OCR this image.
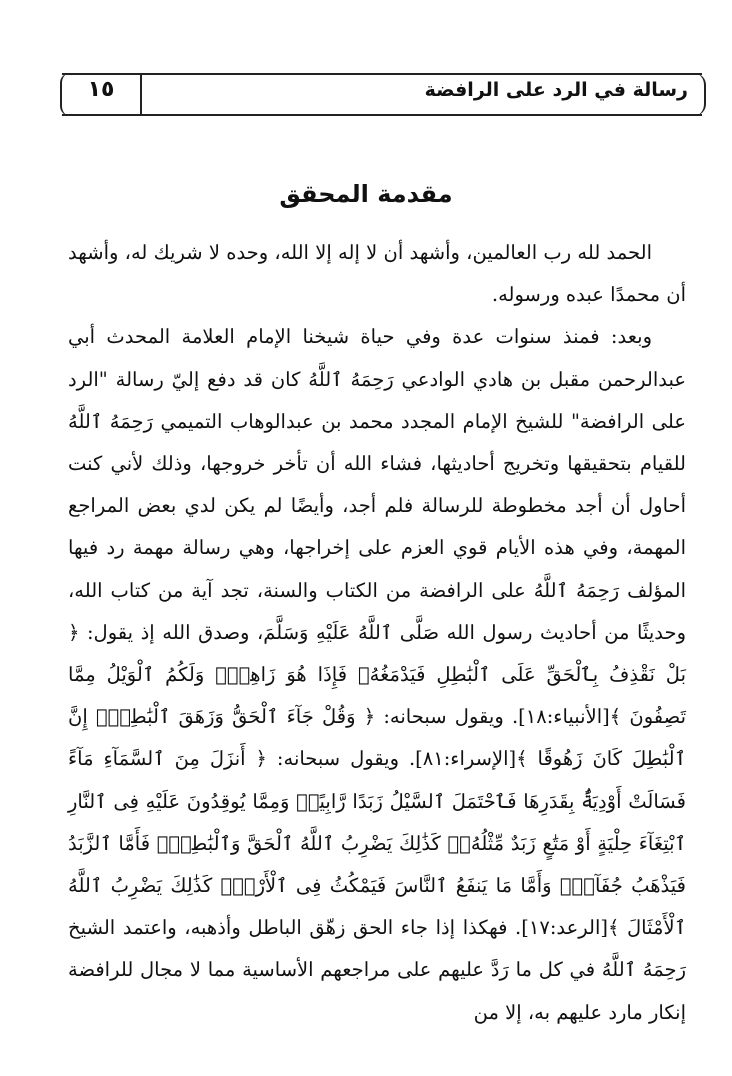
١٥	رسالة في الرد على الرافضة
مقدمة المحقق

الحمد لله رب العالمين، وأشهد أن لا إله إلا الله، وحده لا شريك له، وأشهد أن محمدًا عبده ورسوله.

وبعد: فمنذ سنوات عدة وفي حياة شيخنا الإمام العلامة المحدث أبي عبدالرحمن مقبل بن هادي الوادعي رَحِمَهُ ٱللَّهُ كان قد دفع إليّ رسالة "الرد على الرافضة" للشيخ الإمام المجدد محمد بن عبدالوهاب التميمي رَحِمَهُ ٱللَّهُ للقيام بتحقيقها وتخريج أحاديثها، فشاء الله أن تأخر خروجها، وذلك لأني كنت أحاول أن أجد مخطوطة للرسالة فلم أجد، وأيضًا لم يكن لدي بعض المراجع المهمة، وفي هذه الأيام قوي العزم على إخراجها، وهي رسالة مهمة رد فيها المؤلف رَحِمَهُ ٱللَّهُ على الرافضة من الكتاب والسنة، تجد آية من كتاب الله، وحديثًا من أحاديث رسول الله صَلَّى ٱللَّهُ عَلَيْهِ وَسَلَّمَ، وصدق الله إذ يقول: ﴿ بَلْ نَقْذِفُ بِٱلْحَقِّ عَلَى ٱلْبَٰطِلِ فَيَدْمَغُهُۥ فَإِذَا هُوَ زَاهِقٌۚ وَلَكُمُ ٱلْوَيْلُ مِمَّا تَصِفُونَ ﴾[الأنبياء:١٨]. ويقول سبحانه: ﴿ وَقُلْ جَآءَ ٱلْحَقُّ وَزَهَقَ ٱلْبَٰطِلُۚ إِنَّ ٱلْبَٰطِلَ كَانَ زَهُوقًا ﴾[الإسراء:٨١]. ويقول سبحانه: ﴿ أَنزَلَ مِنَ ٱلسَّمَآءِ مَآءً فَسَالَتْ أَوْدِيَةٌۢ بِقَدَرِهَا فَٱحْتَمَلَ ٱلسَّيْلُ زَبَدًا رَّابِيًاۚ وَمِمَّا يُوقِدُونَ عَلَيْهِ فِى ٱلنَّارِ ٱبْتِغَآءَ حِلْيَةٍ أَوْ مَتَٰعٍ زَبَدٌ مِّثْلُهُۥۚ كَذَٰلِكَ يَضْرِبُ ٱللَّهُ ٱلْحَقَّ وَٱلْبَٰطِلَۚ فَأَمَّا ٱلزَّبَدُ فَيَذْهَبُ جُفَآءًۖ وَأَمَّا مَا يَنفَعُ ٱلنَّاسَ فَيَمْكُثُ فِى ٱلْأَرْضِۚ كَذَٰلِكَ يَضْرِبُ ٱللَّهُ ٱلْأَمْثَالَ ﴾[الرعد:١٧]. فهكذا إذا جاء الحق زهّق الباطل وأذهبه، واعتمد الشيخ رَحِمَهُ ٱللَّهُ في كل ما رَدَّ عليهم على مراجعهم الأساسية مما لا مجال للرافضة إنكار مارد عليهم به، إلا من
